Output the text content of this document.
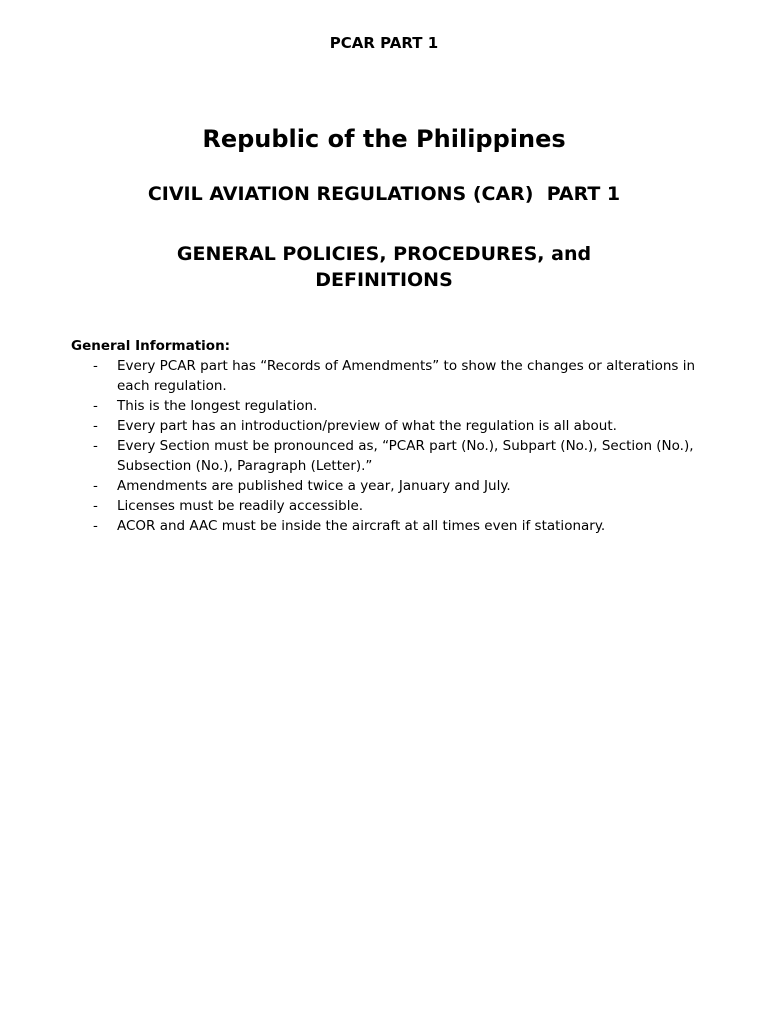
PCAR PART 1
Republic of the Philippines
CIVIL AVIATION REGULATIONS (CAR)  PART 1
GENERAL POLICIES, PROCEDURES, and DEFINITIONS
General Information:
- Every PCAR part has “Records of Amendments” to show the changes or alterations in each regulation.
- This is the longest regulation.
- Every part has an introduction/preview of what the regulation is all about.
- Every Section must be pronounced as, “PCAR part (No.), Subpart (No.), Section (No.), Subsection (No.), Paragraph (Letter).”
- Amendments are published twice a year, January and July.
- Licenses must be readily accessible.
- ACOR and AAC must be inside the aircraft at all times even if stationary.
